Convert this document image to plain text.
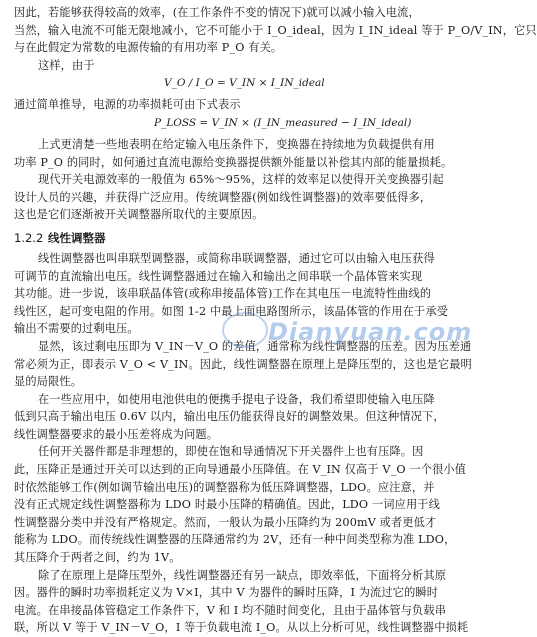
因此，若能够获得较高的效率，(在工作条件不变的情况下)就可以减小输入电流，
当然，输入电流不可能无限地减小，它不可能小于 I_O_ideal，因为 I_IN_ideal 等于 P_O/V_IN，它只
与在此假定为常数的电源传输的有用功率 P_O 有关。
这样，由于
V_O / I_O = V_IN × I_IN_ideal
通过简单推导，电源的功率损耗可由下式表示
P_LOSS = V_IN × (I_IN_measured − I_IN_ideal)
上式更清楚一些地表明在给定输入电压条件下，变换器在持续地为负载提供有用
功率 P_O 的同时，如何通过直流电源给变换器提供额外能量以补偿其内部的能量损耗。
现代开关电源效率的一般值为 65%～95%，这样的效率足以使得开关变换器引起
设计人员的兴趣，并获得广泛应用。传统调整器(例如线性调整器)的效率要低得多，
这也是它们逐渐被开关调整器所取代的主要原因。
1.2.2 线性调整器
线性调整器也叫串联型调整器，或简称串联调整器，通过它可以由输入电压获得
可调节的直流输出电压。线性调整器通过在输入和输出之间串联一个晶体管来实现
其功能。进一步说，该串联晶体管(或称串接晶体管)工作在其电压－电流特性曲线的
线性区，起可变电阻的作用。如图 1-2 中最上面电路图所示，该晶体管的作用在于承受
输出不需要的过剩电压。
显然，该过剩电压即为 V_IN－V_O 的差值，通常称为线性调整器的压差。因为压差通
常必须为正，即表示 V_O < V_IN。因此，线性调整器在原理上是降压型的，这也是它最明
显的局限性。
在一些应用中，如使用电池供电的便携手提电子设备，我们希望即使输入电压降
低到只高于输出电压 0.6V 以内，输出电压仍能获得良好的调整效果。但这种情况下，
线性调整器要求的最小压差将成为问题。
任何开关器件都是非理想的，即使在饱和导通情况下开关器件上也有压降。因
此，压降正是通过开关可以达到的正向导通最小压降值。在 V_IN 仅高于 V_O 一个很小值
时依然能够工作(例如调节输出电压)的调整器称为低压降调整器，LDO。应注意，并
没有正式规定线性调整器称为 LDO 时最小压降的精确值。因此，LDO 一词应用于线
性调整器分类中并没有严格规定。然而，一般认为最小压降约为 200mV 或者更低才
能称为 LDO。而传统线性调整器的压降通常约为 2V，还有一种中间类型称为准 LDO，
其压降介于两者之间，约为 1V。
除了在原理上是降压型外，线性调整器还有另一缺点，即效率低，下面将分析其原
因。器件的瞬时功率损耗定义为 V×I，其中 V 为器件的瞬时压降，I 为流过它的瞬时
电流。在串接晶体管稳定工作条件下，V 和 I 均不随时间变化，且由于晶体管与负载串
联，所以 V 等于 V_IN－V_O，I 等于负载电流 I_O。从以上分析可见，线性调整器中损耗
Dianyuan.com
